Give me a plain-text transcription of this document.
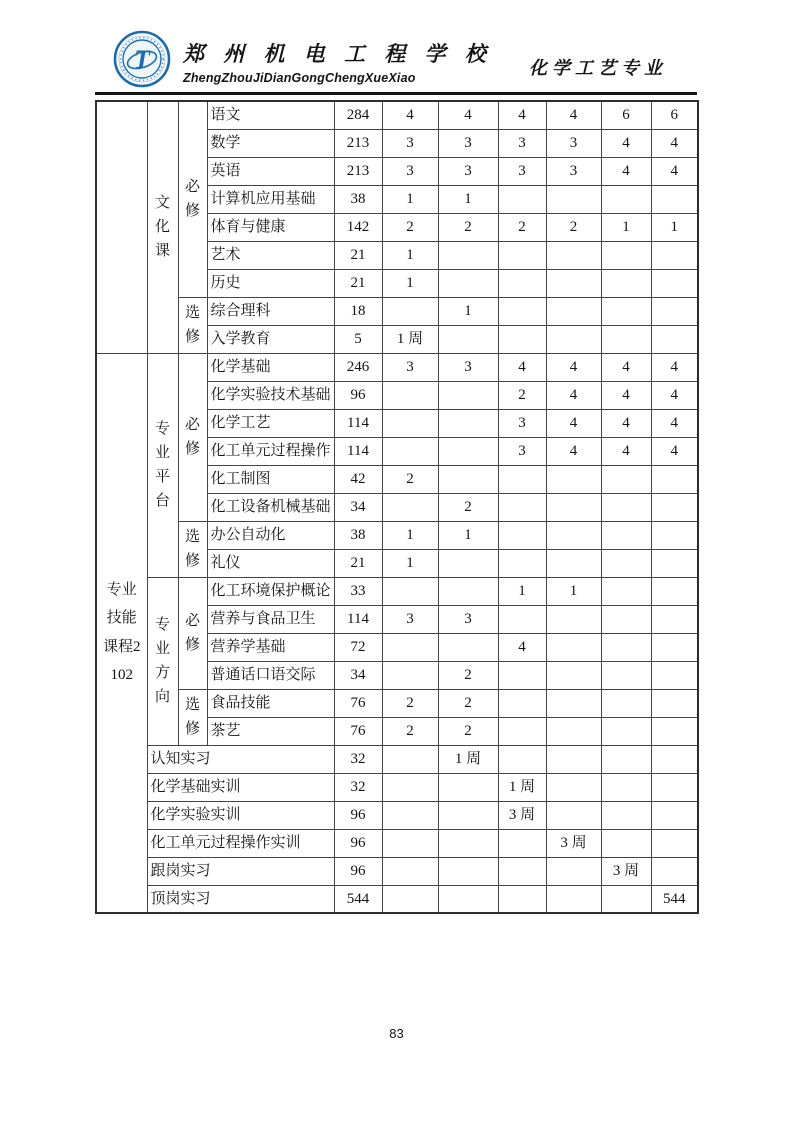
T 郑 州 机 电 工 程 学 校
ZhengZhouJiDianGongChengXueXiao	化学工艺专业
	文化课	必修	语文	284	4	4	4	4	6	6
			数学	213	3	3	3	3	4	4
			英语	213	3	3	3	3	4	4
			计算机应用基础	38	1	1				
			体育与健康	142	2	2	2	2	1	1
			艺术	21	1					
			历史	21	1					
		选修	综合理科	18		1				
			入学教育	5	1 周					
专业技能课程2102	专业平台	必修	化学基础	246	3	3	4	4	4	4
			化学实验技术基础	96			2	4	4	4
			化学工艺	114			3	4	4	4
			化工单元过程操作	114			3	4	4	4
			化工制图	42	2					
			化工设备机械基础	34		2				
		选修	办公自动化	38	1	1				
			礼仪	21	1					
	专业方向	必修	化工环境保护概论	33			1	1		
			营养与食品卫生	114	3	3				
			营养学基础	72			4			
			普通话口语交际	34		2				
		选修	食品技能	76	2	2				
			茶艺	76	2	2				
	认知实习			32		1 周				
	化学基础实训			32			1 周			
	化学实验实训			96			3 周			
	化工单元过程操作实训			96				3 周		
	跟岗实习			96					3 周	
	顶岗实习			544						544
83
